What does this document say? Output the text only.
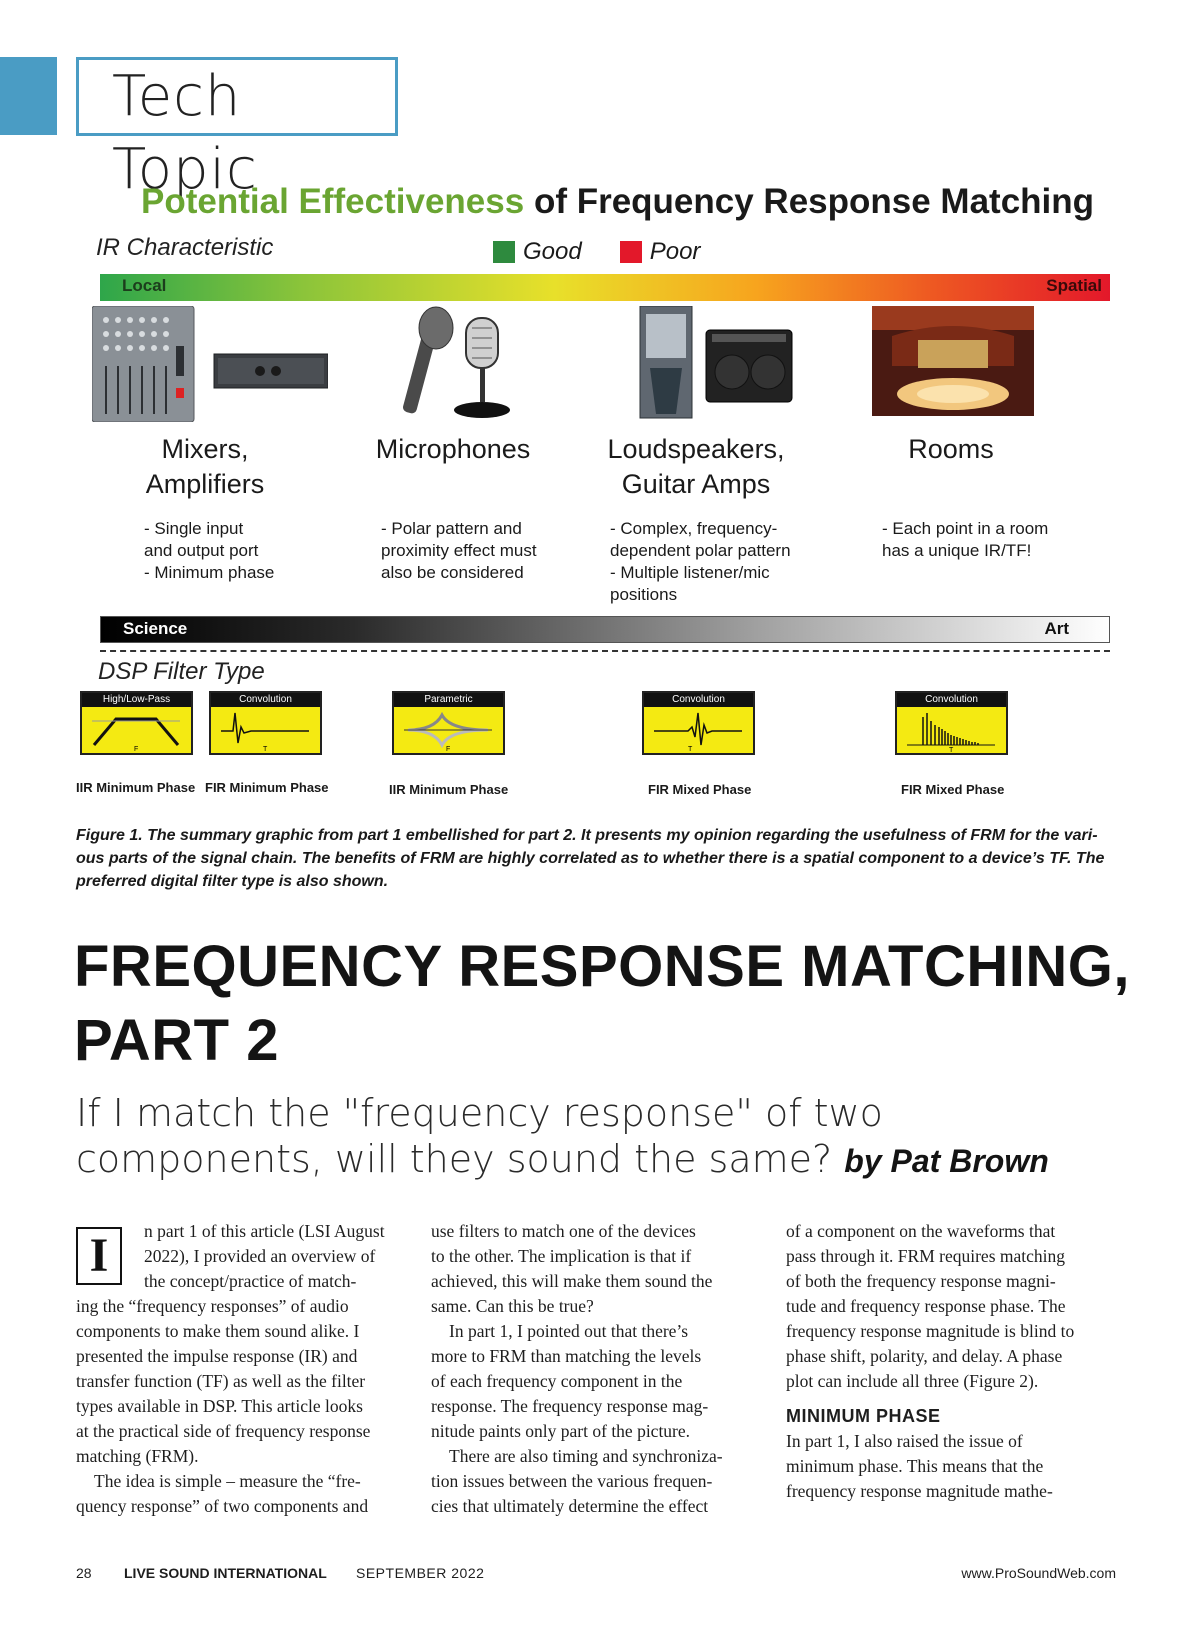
Tech Topic
Potential Effectiveness of Frequency Response Matching
IR Characteristic	Good	Poor
Local	Spatial
Mixers,
Amplifiers
Microphones	Loudspeakers,
Guitar Amps
Rooms
- Single input
and output port
- Minimum phase
- Polar pattern and
proximity effect must
also be considered
- Complex, frequency-
dependent polar pattern
- Multiple listener/mic
positions
- Each point in a room
has a unique IR/TF!
Science	Art
DSP Filter Type
High/Low-Pass
F
Convolution
T
Parametric
F
Convolution
T
Convolution
T
IIR Minimum Phase FIR Minimum Phase	IIR Minimum Phase	FIR Mixed Phase	FIR Mixed Phase
Figure 1. The summary graphic from part 1 embellished for part 2. It presents my opinion regarding the usefulness of FRM for the vari-
ous parts of the signal chain. The benefits of FRM are highly correlated as to whether there is a spatial component to a device’s TF. The
preferred digital filter type is also shown.
FREQUENCY RESPONSE MATCHING,
PART 2
If I match the "frequency response" of two
components, will they sound the same? by Pat Brown
I	n part 1 of this article (LSI August
2022), I provided an overview of
the concept/practice of match-
ing the “frequency responses” of audio
components to make them sound alike. I
presented the impulse response (IR) and
transfer function (TF) as well as the filter
types available in DSP. This article looks
at the practical side of frequency response
matching (FRM).
The idea is simple – measure the “fre-
quency response” of two components and
use filters to match one of the devices
to the other. The implication is that if
achieved, this will make them sound the
same. Can this be true?
In part 1, I pointed out that there’s
more to FRM than matching the levels
of each frequency component in the
response. The frequency response mag-
nitude paints only part of the picture.
There are also timing and synchroniza-
tion issues between the various frequen-
cies that ultimately determine the effect
of a component on the waveforms that
pass through it. FRM requires matching
of both the frequency response magni-
tude and frequency response phase. The
frequency response magnitude is blind to
phase shift, polarity, and delay. A phase
plot can include all three (Figure 2).
MINIMUM PHASE
In part 1, I also raised the issue of
minimum phase. This means that the
frequency response magnitude mathe-
28 LIVE SOUND INTERNATIONAL SEPTEMBER 2022	www.ProSoundWeb.com
